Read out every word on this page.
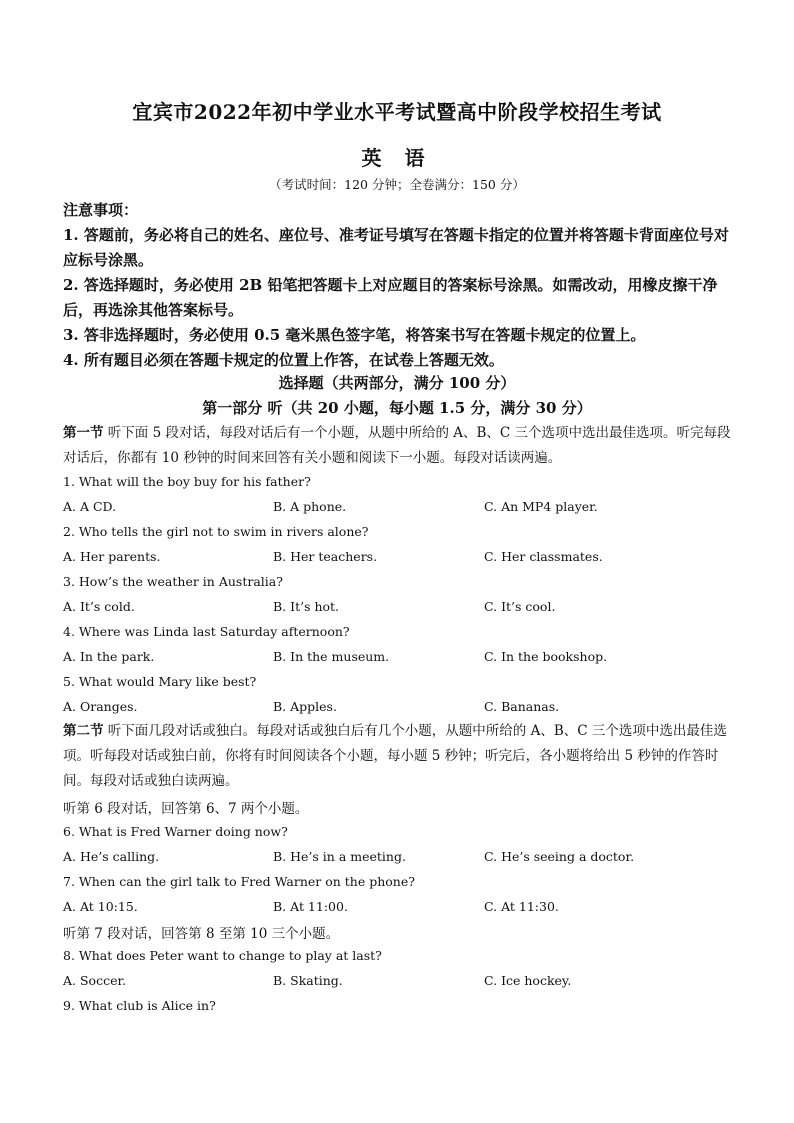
宜宾市2022年初中学业水平考试暨高中阶段学校招生考试
英 语
（考试时间：120 分钟；全卷满分：150 分）

注意事项：

1. 答题前，务必将自己的姓名、座位号、准考证号填写在答题卡指定的位置并将答题卡背面座位号对应标号涂黑。

2. 答选择题时，务必使用 2B 铅笔把答题卡上对应题目的答案标号涂黑。如需改动，用橡皮擦干净后，再选涂其他答案标号。

3. 答非选择题时，务必使用 0.5 毫米黑色签字笔，将答案书写在答题卡规定的位置上。

4. 所有题目必须在答题卡规定的位置上作答，在试卷上答题无效。

选择题（共两部分，满分 100 分）
第一部分 听（共 20 小题，每小题 1.5 分，满分 30 分）
第一节 听下面 5 段对话，每段对话后有一个小题，从题中所给的 A、B、C 三个选项中选出最佳选项。听完每段对话后，你都有 10 秒钟的时间来回答有关小题和阅读下一小题。每段对话读两遍。
1. What will the boy buy for his father?
A. A CD.	B. A phone.	C. An MP4 player.
2. Who tells the girl not to swim in rivers alone?
A. Her parents.	B. Her teachers.	C. Her classmates.
3. How’s the weather in Australia?
A. It’s cold.	B. It’s hot.	C. It’s cool.
4. Where was Linda last Saturday afternoon?
A. In the park.	B. In the museum.	C. In the bookshop.
5. What would Mary like best?
A. Oranges.	B. Apples.	C. Bananas.
第二节 听下面几段对话或独白。每段对话或独白后有几个小题，从题中所给的 A、B、C 三个选项中选出最佳选项。听每段对话或独白前，你将有时间阅读各个小题，每小题 5 秒钟；听完后，各小题将给出 5 秒钟的作答时间。每段对话或独白读两遍。
听第 6 段对话，回答第 6、7 两个小题。
6. What is Fred Warner doing now?
A. He’s calling.	B. He’s in a meeting.	C. He’s seeing a doctor.
7. When can the girl talk to Fred Warner on the phone?
A. At 10:15.	B. At 11:00.	C. At 11:30.
听第 7 段对话，回答第 8 至第 10 三个小题。
8. What does Peter want to change to play at last?
A. Soccer.	B. Skating.	C. Ice hockey.
9. What club is Alice in?
